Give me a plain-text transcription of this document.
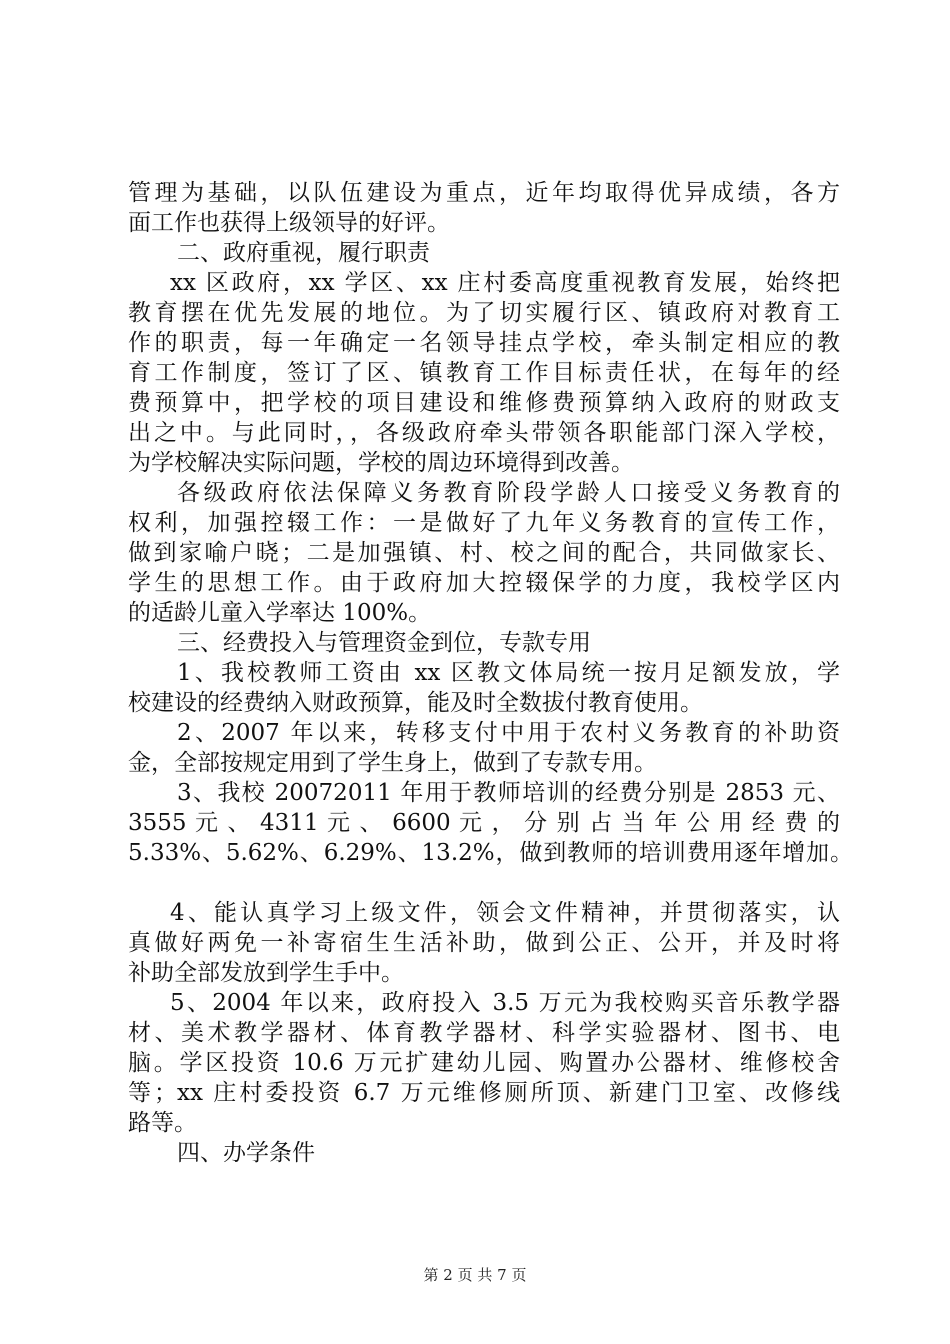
管理为基础，以队伍建设为重点，近年均取得优异成绩，各方
面工作也获得上级领导的好评。
二、政府重视，履行职责
xx 区政府，xx 学区、xx 庄村委高度重视教育发展，始终把
教育摆在优先发展的地位。为了切实履行区、镇政府对教育工
作的职责，每一年确定一名领导挂点学校，牵头制定相应的教
育工作制度，签订了区、镇教育工作目标责任状，在每年的经
费预算中，把学校的项目建设和维修费预算纳入政府的财政支
出之中。与此同时，，各级政府牵头带领各职能部门深入学校，
为学校解决实际问题，学校的周边环境得到改善。
各级政府依法保障义务教育阶段学龄人口接受义务教育的
权利，加强控辍工作：一是做好了九年义务教育的宣传工作，
做到家喻户晓；二是加强镇、村、校之间的配合，共同做家长、
学生的思想工作。由于政府加大控辍保学的力度，我校学区内
的适龄儿童入学率达 100%。
三、经费投入与管理资金到位，专款专用
1、我校教师工资由 xx 区教文体局统一按月足额发放，学
校建设的经费纳入财政预算，能及时全数拔付教育使用。
2、2007 年以来，转移支付中用于农村义务教育的补助资
金，全部按规定用到了学生身上，做到了专款专用。
3、我校 20072011 年用于教师培训的经费分别是 2853 元、
3555 元 、 4311 元 、 6600 元 ， 分 别 占 当 年 公 用 经 费 的
5.33%、5.62%、6.29%、13.2%，做到教师的培训费用逐年增加。
4、能认真学习上级文件，领会文件精神，并贯彻落实，认
真做好两免一补寄宿生生活补助，做到公正、公开，并及时将
补助全部发放到学生手中。
5、2004 年以来，政府投入 3.5 万元为我校购买音乐教学器
材、美术教学器材、体育教学器材、科学实验器材、图书、电
脑。学区投资 10.6 万元扩建幼儿园、购置办公器材、维修校舍
等；xx 庄村委投资 6.7 万元维修厕所顶、新建门卫室、改修线
路等。
四、办学条件
第 2 页 共 7 页
